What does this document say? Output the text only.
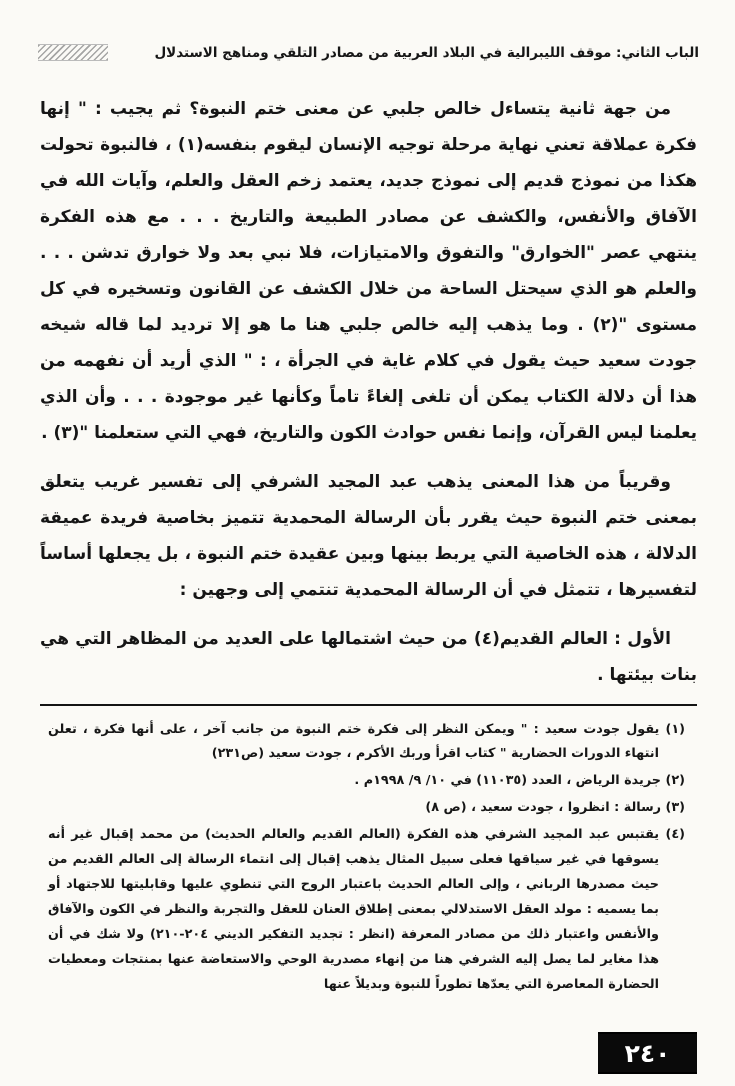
الباب الثاني: موقف الليبرالية في البلاد العربية من مصادر التلقي ومناهج الاستدلال

من جهة ثانية يتساءل خالص جلبي عن معنى ختم النبوة؟ ثم يجيب : " إنها فكرة عملاقة تعني نهاية مرحلة توجيه الإنسان ليقوم بنفسه(١) ، فالنبوة تحولت هكذا من نموذج قديم إلى نموذج جديد، يعتمد زخم العقل والعلم، وآيات الله في الآفاق والأنفس، والكشف عن مصادر الطبيعة والتاريخ . . . مع هذه الفكرة ينتهي عصر "الخوارق" والتفوق والامتيازات، فلا نبي بعد ولا خوارق تدشن . . . والعلم هو الذي سيحتل الساحة من خلال الكشف عن القانون وتسخيره في كل مستوى "(٢) . وما يذهب إليه خالص جلبي هنا ما هو إلا ترديد لما قاله شيخه جودت سعيد حيث يقول في كلام غاية في الجرأة ، : " الذي أريد أن نفهمه من هذا أن دلالة الكتاب يمكن أن تلغى إلغاءً تاماً وكأنها غير موجودة . . . وأن الذي يعلمنا ليس القرآن، وإنما نفس حوادث الكون والتاريخ، فهي التي ستعلمنا "(٣) .

وقريباً من هذا المعنى يذهب عبد المجيد الشرفي إلى تفسير غريب يتعلق بمعنى ختم النبوة حيث يقرر بأن الرسالة المحمدية تتميز بخاصية فريدة عميقة الدلالة ، هذه الخاصية التي يربط بينها وبين عقيدة ختم النبوة ، بل يجعلها أساساً لتفسيرها ، تتمثل في أن الرسالة المحمدية تنتمي إلى وجهين :

الأول : العالم القديم(٤) من حيث اشتمالها على العديد من المظاهر التي هي بنات بيئتها .

(١) يقول جودت سعيد : " ويمكن النظر إلى فكرة ختم النبوة من جانب آخر ، على أنها فكرة ، تعلن انتهاء الدورات الحضارية " كتاب اقرأ وربك الأكرم ، جودت سعيد (ص٢٣١)
(٢) جريدة الرياض ، العدد (١١٠٣٥) في ١٠/ ٩/ ١٩٩٨م .
(٣) رسالة : انظروا ، جودت سعيد ، (ص ٨)
(٤) يقتبس عبد المجيد الشرفي هذه الفكرة (العالم القديم والعالم الحديث) من محمد إقبال غير أنه يسوقها في غير سياقها فعلى سبيل المثال يذهب إقبال إلى انتماء الرسالة إلى العالم القديم من حيث مصدرها الرباني ، وإلى العالم الحديث باعتبار الروح التي تنطوي عليها وقابليتها للاجتهاد أو بما يسميه : مولد العقل الاستدلالي بمعنى إطلاق العنان للعقل والتجربة والنظر في الكون والآفاق والأنفس واعتبار ذلك من مصادر المعرفة (انظر : تجديد التفكير الديني ٢٠٤-٢١٠) ولا شك في أن هذا مغاير لما يصل إليه الشرفي هنا من إنهاء مصدرية الوحي والاستعاضة عنها بمنتجات ومعطيات الحضارة المعاصرة التي يعدّها تطوراً للنبوة وبديلاً عنها
٢٤٠
